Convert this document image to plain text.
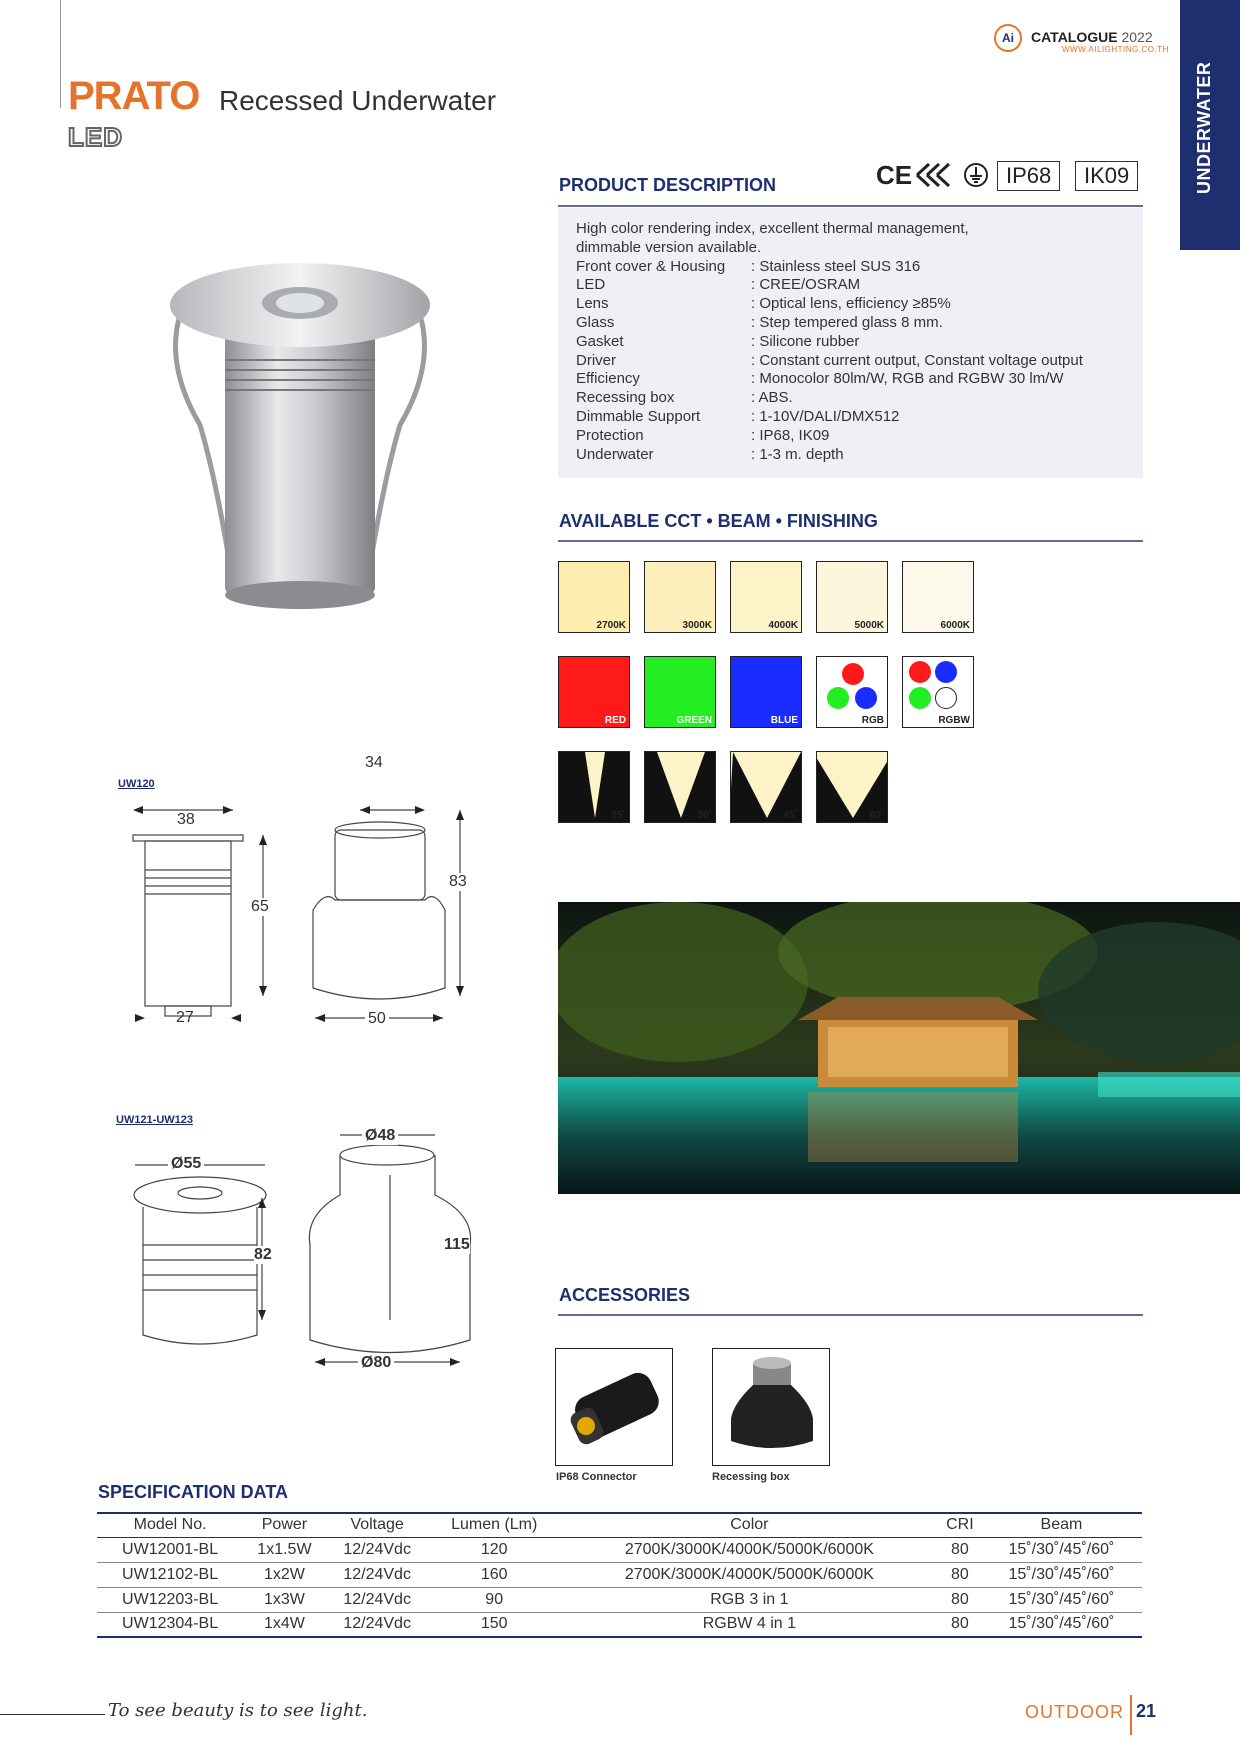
PRATO Recessed Underwater
LED
Ai	CATALOGUE 2022
WWW.AILIGHTING.CO.TH
UNDERWATER
PRODUCT DESCRIPTION	CE	IP68	IK09
High color rendering index, excellent thermal management, dimmable version available.
Front cover & Housing	: Stainless steel SUS 316
LED	: CREE/OSRAM
Lens	: Optical lens, efficiency ≥85%
Glass	: Step tempered glass 8 mm.
Gasket	: Silicone rubber
Driver	: Constant current output, Constant voltage output
Efficiency	: Monocolor 80lm/W, RGB and RGBW 30 lm/W
Recessing box	: ABS.
Dimmable Support	: 1-10V/DALI/DMX512
Protection	: IP68, IK09
Underwater	: 1-3 m. depth
AVAILABLE CCT • BEAM • FINISHING
2700K	3000K	4000K	5000K	6000K
RED	GREEN	BLUE	RGB	RGBW
15˚	30˚	45˚	60˚
UW120
38
27
65
34
83
50
UW121-UW123
Ø55
82
Ø48
115
Ø80
ACCESSORIES
IP68 Connector	Recessing box
SPECIFICATION DATA
Model No.	Power	Voltage	Lumen (Lm)	Color	CRI	Beam
UW12001-BL	1x1.5W	12/24Vdc	120	2700K/3000K/4000K/5000K/6000K	80	15˚/30˚/45˚/60˚
UW12102-BL	1x2W	12/24Vdc	160	2700K/3000K/4000K/5000K/6000K	80	15˚/30˚/45˚/60˚
UW12203-BL	1x3W	12/24Vdc	90	RGB 3 in 1	80	15˚/30˚/45˚/60˚
UW12304-BL	1x4W	12/24Vdc	150	RGBW 4 in 1	80	15˚/30˚/45˚/60˚
To see beauty is to see light.	OUTDOOR 21
